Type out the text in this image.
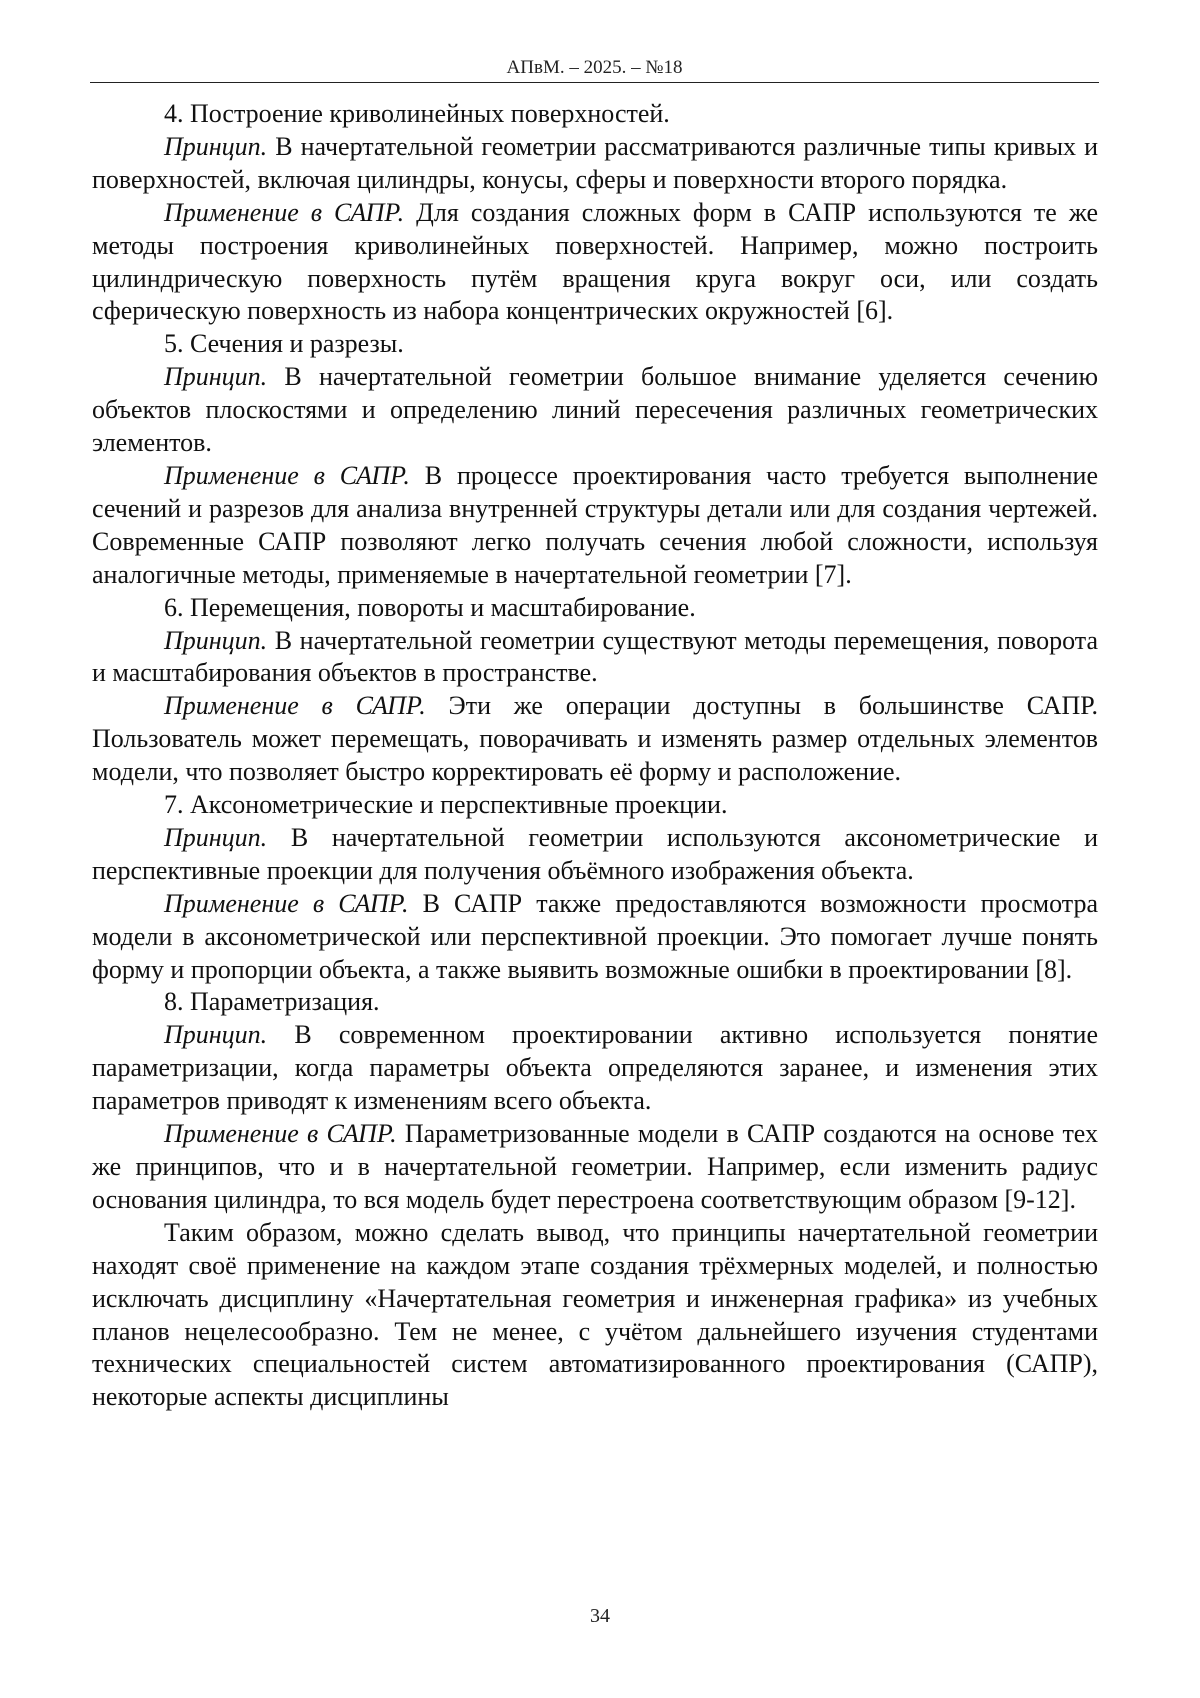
АПвМ. – 2025. – №18

4. Построение криволинейных поверхностей.

Принцип. В начертательной геометрии рассматриваются различные типы кривых и поверхностей, включая цилиндры, конусы, сферы и поверхности второго порядка.

Применение в САПР. Для создания сложных форм в САПР используются те же методы построения криволинейных поверхностей. Например, можно построить цилиндрическую поверхность путём вращения круга вокруг оси, или создать сферическую поверхность из набора концентрических окружностей [6].

5. Сечения и разрезы.

Принцип. В начертательной геометрии большое внимание уделяется сечению объектов плоскостями и определению линий пересечения различных геометрических элементов.

Применение в САПР. В процессе проектирования часто требуется выполнение сечений и разрезов для анализа внутренней структуры детали или для создания чертежей. Современные САПР позволяют легко получать сечения любой сложности, используя аналогичные методы, применяемые в начертательной геометрии [7].

6. Перемещения, повороты и масштабирование.

Принцип. В начертательной геометрии существуют методы перемещения, поворота и масштабирования объектов в пространстве.

Применение в САПР. Эти же операции доступны в большинстве САПР. Пользователь может перемещать, поворачивать и изменять размер отдельных элементов модели, что позволяет быстро корректировать её форму и расположение.

7. Аксонометрические и перспективные проекции.

Принцип. В начертательной геометрии используются аксонометрические и перспективные проекции для получения объёмного изображения объекта.

Применение в САПР. В САПР также предоставляются возможности просмотра модели в аксонометрической или перспективной проекции. Это помогает лучше понять форму и пропорции объекта, а также выявить возможные ошибки в проектировании [8].

8. Параметризация.

Принцип. В современном проектировании активно используется понятие параметризации, когда параметры объекта определяются заранее, и изменения этих параметров приводят к изменениям всего объекта.

Применение в САПР. Параметризованные модели в САПР создаются на основе тех же принципов, что и в начертательной геометрии. Например, если изменить радиус основания цилиндра, то вся модель будет перестроена соответствующим образом [9-12].

Таким образом, можно сделать вывод, что принципы начертательной геометрии находят своё применение на каждом этапе создания трёхмерных моделей, и полностью исключать дисциплину «Начертательная геометрия и инженерная графика» из учебных планов нецелесообразно. Тем не менее, с учётом дальнейшего изучения студентами технических специальностей систем автоматизированного проектирования (САПР), некоторые аспекты дисциплины

34
